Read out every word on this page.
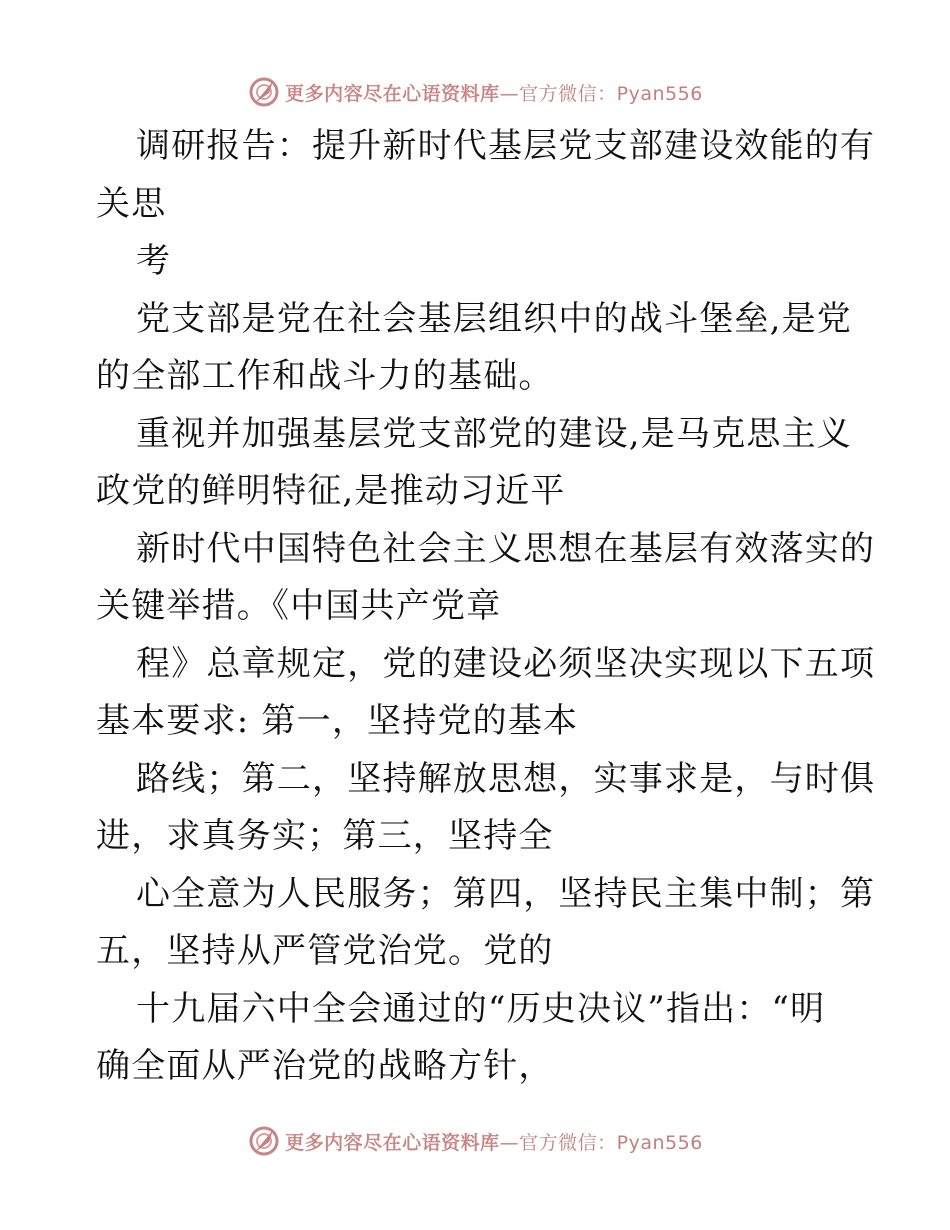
更多内容尽在心语资料库 —官方微信：Pyan556
调研报告：提升新时代基层党支部建设效能的有
关思
考
党支部是党在社会基层组织中的战斗堡垒,是党
的全部工作和战斗力的基础。
重视并加强基层党支部党的建设,是马克思主义
政党的鲜明特征,是推动习近平
新时代中国特色社会主义思想在基层有效落实的
关键举措。《中国共产党章
程》总章规定，党的建设必须坚决实现以下五项
基本要求: 第一，坚持党的基本
路线；第二，坚持解放思想，实事求是，与时俱
进，求真务实；第三，坚持全
心全意为人民服务；第四，坚持民主集中制；第
五，坚持从严管党治党。党的
十九届六中全会通过的“历史决议”指出：“明
确全面从严治党的战略方针，
更多内容尽在心语资料库 —官方微信：Pyan556
